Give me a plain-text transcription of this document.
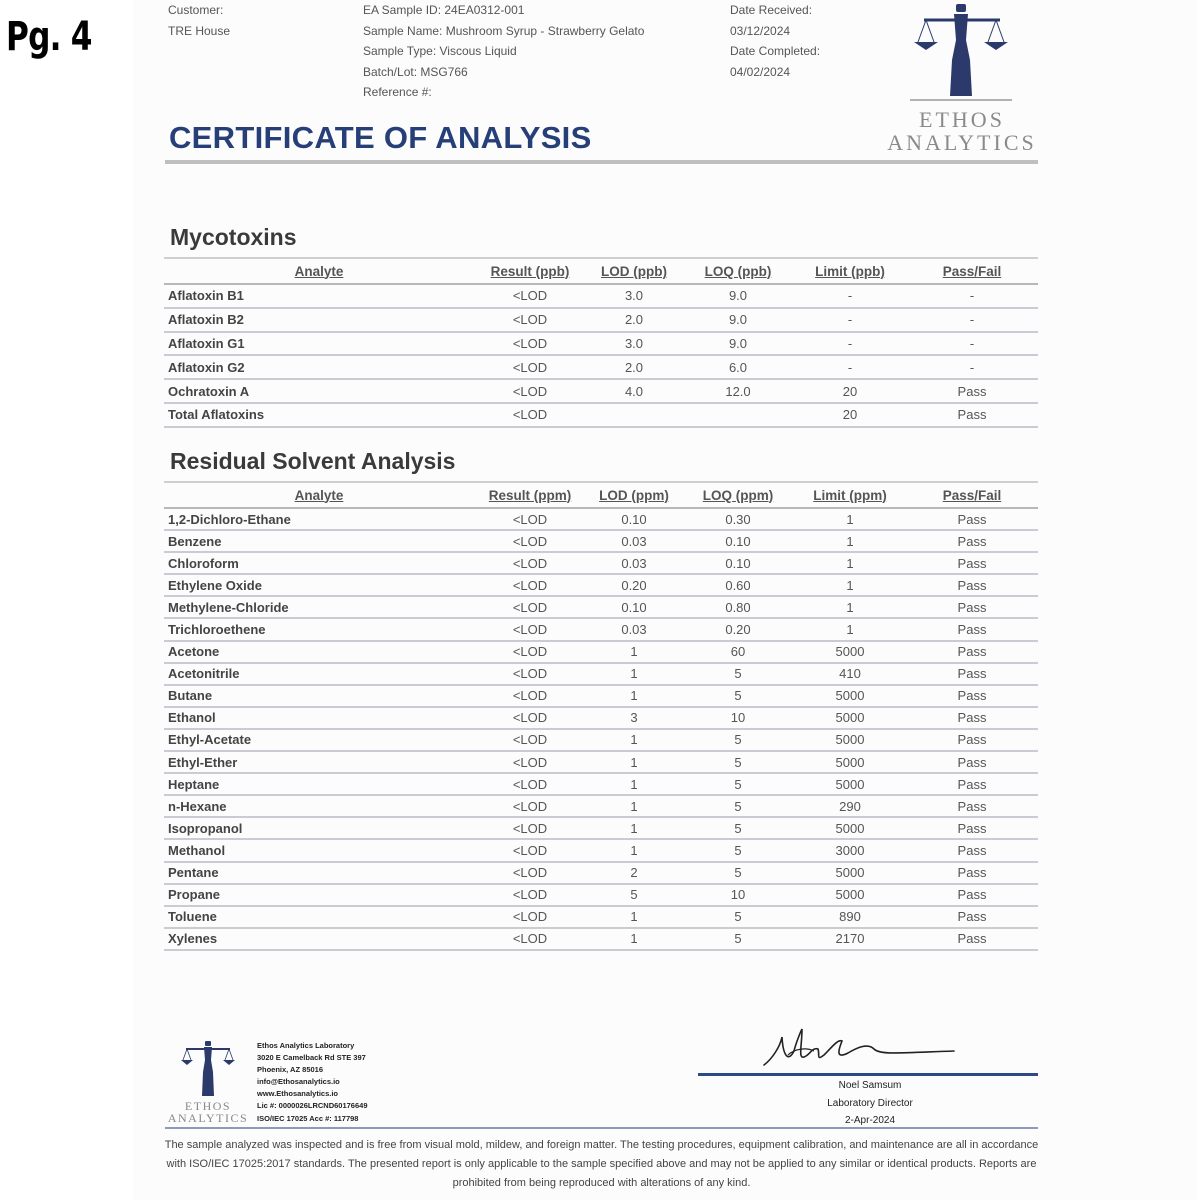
Pg. 4
Customer:
TRE House
EA Sample ID: 24EA0312-001
Sample Name: Mushroom Syrup - Strawberry Gelato
Sample Type: Viscous Liquid
Batch/Lot: MSG766
Reference #:
Date Received:
03/12/2024
Date Completed:
04/02/2024
ETHOS
ANALYTICS
CERTIFICATE OF ANALYSIS
Mycotoxins
Analyte	Result (ppb)	LOD (ppb)	LOQ (ppb)	Limit (ppb)	Pass/Fail
Aflatoxin B1	<LOD	3.0	9.0	-	-
Aflatoxin B2	<LOD	2.0	9.0	-	-
Aflatoxin G1	<LOD	3.0	9.0	-	-
Aflatoxin G2	<LOD	2.0	6.0	-	-
Ochratoxin A	<LOD	4.0	12.0	20	Pass
Total Aflatoxins	<LOD			20	Pass
Residual Solvent Analysis
Analyte	Result (ppm)	LOD (ppm)	LOQ (ppm)	Limit (ppm)	Pass/Fail
1,2-Dichloro-Ethane	<LOD	0.10	0.30	1	Pass
Benzene	<LOD	0.03	0.10	1	Pass
Chloroform	<LOD	0.03	0.10	1	Pass
Ethylene Oxide	<LOD	0.20	0.60	1	Pass
Methylene-Chloride	<LOD	0.10	0.80	1	Pass
Trichloroethene	<LOD	0.03	0.20	1	Pass
Acetone	<LOD	1	60	5000	Pass
Acetonitrile	<LOD	1	5	410	Pass
Butane	<LOD	1	5	5000	Pass
Ethanol	<LOD	3	10	5000	Pass
Ethyl-Acetate	<LOD	1	5	5000	Pass
Ethyl-Ether	<LOD	1	5	5000	Pass
Heptane	<LOD	1	5	5000	Pass
n-Hexane	<LOD	1	5	290	Pass
Isopropanol	<LOD	1	5	5000	Pass
Methanol	<LOD	1	5	3000	Pass
Pentane	<LOD	2	5	5000	Pass
Propane	<LOD	5	10	5000	Pass
Toluene	<LOD	1	5	890	Pass
Xylenes	<LOD	1	5	2170	Pass
ETHOS
ANALYTICS
Ethos Analytics Laboratory
3020 E Camelback Rd STE 397
Phoenix, AZ 85016
info@Ethosanalytics.io
www.Ethosanalytics.io
Lic #: 0000026LRCND60176649
ISO/IEC 17025 Acc #: 117798
Noel Samsum
Laboratory Director
2-Apr-2024
The sample analyzed was inspected and is free from visual mold, mildew, and foreign matter. The testing procedures, equipment calibration, and maintenance are all in accordance with ISO/IEC 17025:2017 standards. The presented report is only applicable to the sample specified above and may not be applied to any similar or identical products. Reports are prohibited from being reproduced with alterations of any kind.
